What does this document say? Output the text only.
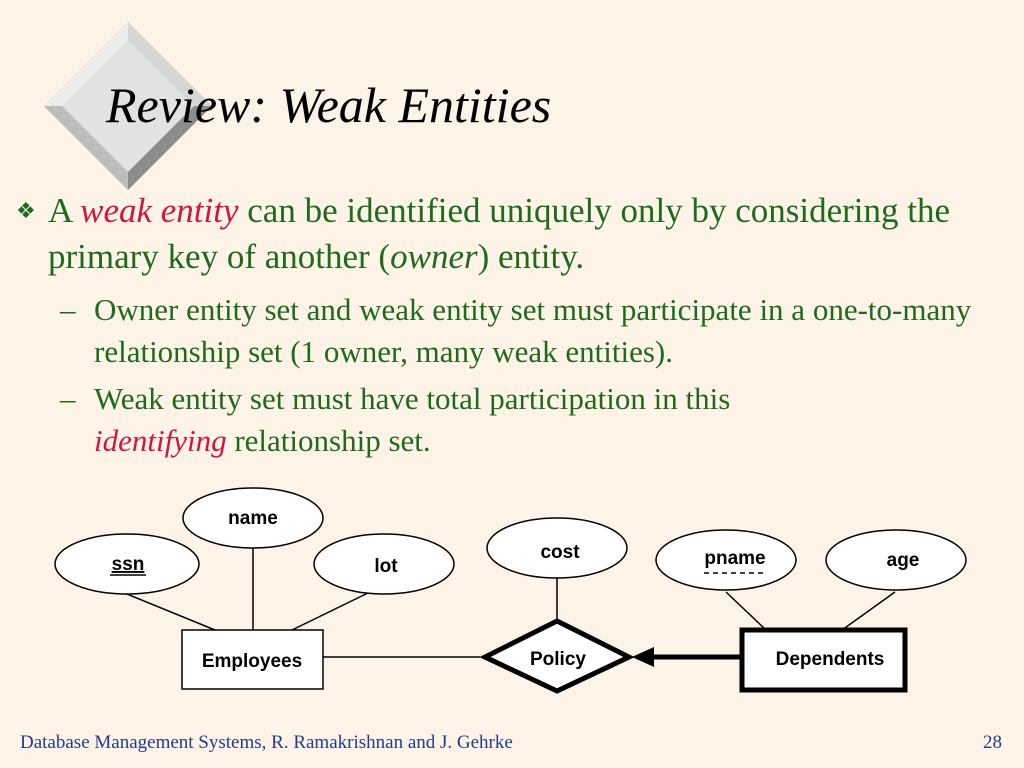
Review: Weak Entities
❖ A weak entity can be identified uniquely only by considering the primary key of another (owner) entity.
– Owner entity set and weak entity set must participate in a one-to-many relationship set (1 owner, many weak entities).
– Weak entity set must have total participation in this
identifying relationship set.
name
ssn	lot
cost	pname	age
Employees	Policy	Dependents
Database Management Systems, R. Ramakrishnan and J. Gehrke	28
